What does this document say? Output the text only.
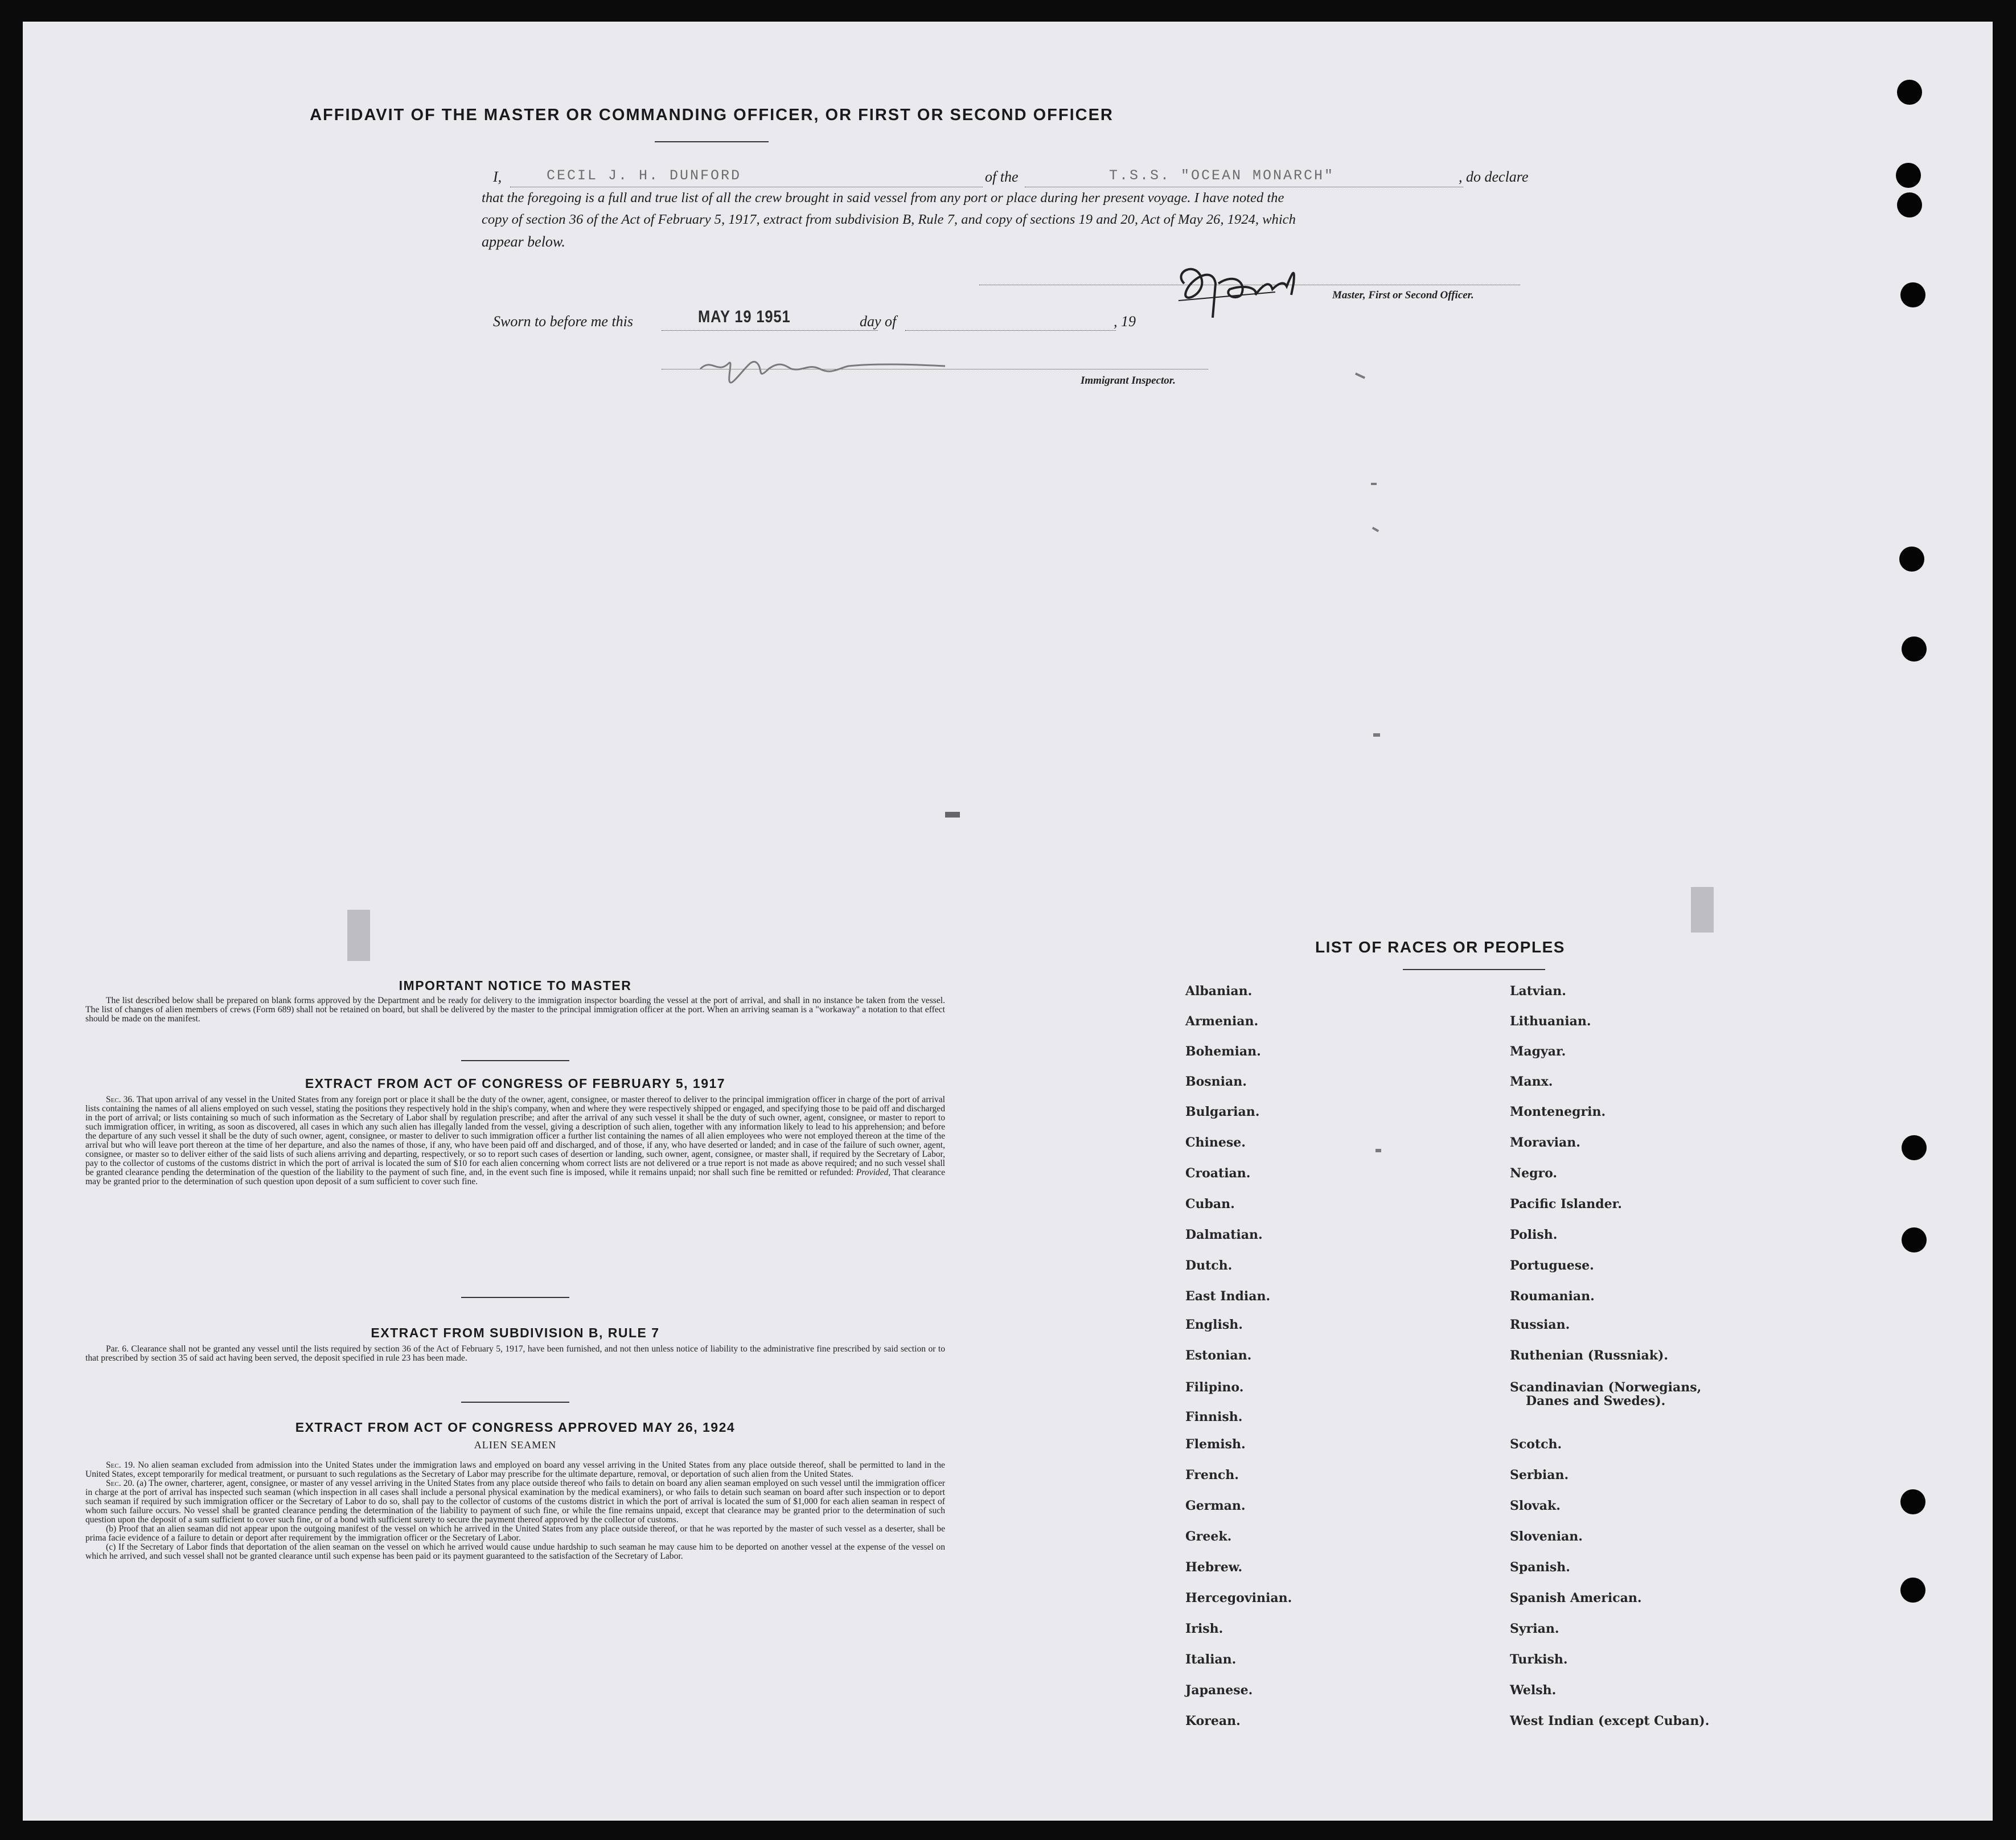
AFFIDAVIT OF THE MASTER OR COMMANDING OFFICER, OR FIRST OR SECOND OFFICER
I,	CECIL J. H. DUNFORD	of the	T.S.S. "OCEAN MONARCH"	, do declare
that the foregoing is a full and true list of all the crew brought in said vessel from any port or place during her present voyage. I have noted the
copy of section 36 of the Act of February 5, 1917, extract from subdivision B, Rule 7, and copy of sections 19 and 20, Act of May 26, 1924, which
appear below.
Master, First or Second Officer.
Sworn to before me this	MAY 19 1951	day of	, 19
Immigrant Inspector.
IMPORTANT NOTICE TO MASTER
The list described below shall be prepared on blank forms approved by the Department and be ready for delivery to the immigration inspector boarding the vessel at the port of arrival, and shall in no instance be taken from the vessel. The list of changes of alien members of crews (Form 689) shall not be retained on board, but shall be delivered by the master to the principal immigration officer at the port. When an arriving seaman is a "workaway" a notation to that effect should be made on the manifest.
EXTRACT FROM ACT OF CONGRESS OF FEBRUARY 5, 1917
Sec. 36. That upon arrival of any vessel in the United States from any foreign port or place it shall be the duty of the owner, agent, consignee, or master thereof to deliver to the principal immigration officer in charge of the port of arrival lists containing the names of all aliens employed on such vessel, stating the positions they respectively hold in the ship's company, when and where they were respectively shipped or engaged, and specifying those to be paid off and discharged in the port of arrival; or lists containing so much of such information as the Secretary of Labor shall by regulation prescribe; and after the arrival of any such vessel it shall be the duty of such owner, agent, consignee, or master to report to such immigration officer, in writing, as soon as discovered, all cases in which any such alien has illegally landed from the vessel, giving a description of such alien, together with any information likely to lead to his apprehension; and before the departure of any such vessel it shall be the duty of such owner, agent, consignee, or master to deliver to such immigration officer a further list containing the names of all alien employees who were not employed thereon at the time of the arrival but who will leave port thereon at the time of her departure, and also the names of those, if any, who have been paid off and discharged, and of those, if any, who have deserted or landed; and in case of the failure of such owner, agent, consignee, or master so to deliver either of the said lists of such aliens arriving and departing, respectively, or so to report such cases of desertion or landing, such owner, agent, consignee, or master shall, if required by the Secretary of Labor, pay to the collector of customs of the customs district in which the port of arrival is located the sum of $10 for each alien concerning whom correct lists are not delivered or a true report is not made as above required; and no such vessel shall be granted clearance pending the determination of the question of the liability to the payment of such fine, and, in the event such fine is imposed, while it remains unpaid; nor shall such fine be remitted or refunded: Provided, That clearance may be granted prior to the determination of such question upon deposit of a sum sufficient to cover such fine.
EXTRACT FROM SUBDIVISION B, RULE 7
Par. 6. Clearance shall not be granted any vessel until the lists required by section 36 of the Act of February 5, 1917, have been furnished, and not then unless notice of liability to the administrative fine prescribed by said section or to that prescribed by section 35 of said act having been served, the deposit specified in rule 23 has been made.
EXTRACT FROM ACT OF CONGRESS APPROVED MAY 26, 1924
ALIEN SEAMEN

Sec. 19. No alien seaman excluded from admission into the United States under the immigration laws and employed on board any vessel arriving in the United States from any place outside thereof, shall be permitted to land in the United States, except temporarily for medical treatment, or pursuant to such regulations as the Secretary of Labor may prescribe for the ultimate departure, removal, or deportation of such alien from the United States.

Sec. 20. (a) The owner, charterer, agent, consignee, or master of any vessel arriving in the United States from any place outside thereof who fails to detain on board any alien seaman employed on such vessel until the immigration officer in charge at the port of arrival has inspected such seaman (which inspection in all cases shall include a personal physical examination by the medical examiners), or who fails to detain such seaman on board after such inspection or to deport such seaman if required by such immigration officer or the Secretary of Labor to do so, shall pay to the collector of customs of the customs district in which the port of arrival is located the sum of $1,000 for each alien seaman in respect of whom such failure occurs. No vessel shall be granted clearance pending the determination of the liability to payment of such fine, or while the fine remains unpaid, except that clearance may be granted prior to the determination of such question upon the deposit of a sum sufficient to cover such fine, or of a bond with sufficient surety to secure the payment thereof approved by the collector of customs.

(b) Proof that an alien seaman did not appear upon the outgoing manifest of the vessel on which he arrived in the United States from any place outside thereof, or that he was reported by the master of such vessel as a deserter, shall be prima facie evidence of a failure to detain or deport after requirement by the immigration officer or the Secretary of Labor.

(c) If the Secretary of Labor finds that deportation of the alien seaman on the vessel on which he arrived would cause undue hardship to such seaman he may cause him to be deported on another vessel at the expense of the vessel on which he arrived, and such vessel shall not be granted clearance until such expense has been paid or its payment guaranteed to the satisfaction of the Secretary of Labor.

LIST OF RACES OR PEOPLES
Albanian.
Armenian.
Bohemian.
Bosnian.
Bulgarian.
Chinese.
Croatian.
Cuban.
Dalmatian.
Dutch.
East Indian.
English.
Estonian.
Filipino.
Finnish.
Flemish.
French.
German.
Greek.
Hebrew.
Hercegovinian.
Irish.
Italian.
Japanese.
Korean.
Latvian.
Lithuanian.
Magyar.
Manx.
Montenegrin.
Moravian.
Negro.
Pacific Islander.
Polish.
Portuguese.
Roumanian.
Russian.
Ruthenian (Russniak).
Scandinavian (Norwegians,
Danes and Swedes).
Scotch.
Serbian.
Slovak.
Slovenian.
Spanish.
Spanish American.
Syrian.
Turkish.
Welsh.
West Indian (except Cuban).
